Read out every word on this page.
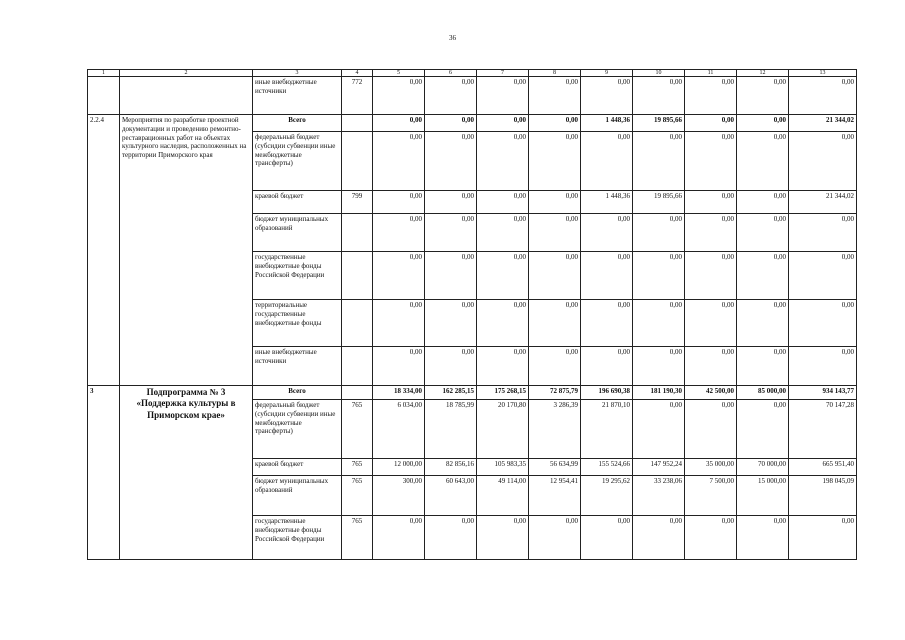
36
1	2	3	4	5	6	7	8	9	10	11	12	13
		иные внебюджетные источники	772	0,00	0,00	0,00	0,00	0,00	0,00	0,00	0,00	0,00
2.2.4	Мероприятия по разработке проектной документации и проведению ремонтно-реставрационных работ на объектах культурного наследия, расположенных на территории Приморского края	Всего		0,00	0,00	0,00	0,00	1 448,36	19 895,66	0,00	0,00	21 344,02
		федеральный бюджет (субсидии субвенции иные межбюджетные трансферты)		0,00	0,00	0,00	0,00	0,00	0,00	0,00	0,00	0,00
		краевой бюджет	799	0,00	0,00	0,00	0,00	1 448,36	19 895,66	0,00	0,00	21 344,02
		бюджет муниципальных образований		0,00	0,00	0,00	0,00	0,00	0,00	0,00	0,00	0,00
		государственные внебюджетные фонды Российской Федерации		0,00	0,00	0,00	0,00	0,00	0,00	0,00	0,00	0,00
		территориальные государственные внебюджетные фонды		0,00	0,00	0,00	0,00	0,00	0,00	0,00	0,00	0,00
		иные внебюджетные источники		0,00	0,00	0,00	0,00	0,00	0,00	0,00	0,00	0,00
3	Подпрограмма № 3 «Поддержка культуры в Приморском крае»	Всего		18 334,00	162 285,15	175 268,15	72 875,79	196 690,38	181 190,30	42 500,00	85 000,00	934 143,77
		федеральный бюджет (субсидии субвенции иные межбюджетные трансферты)	765	6 034,00	18 785,99	20 170,80	3 286,39	21 870,10	0,00	0,00	0,00	70 147,28
		краевой бюджет	765	12 000,00	82 856,16	105 983,35	56 634,99	155 524,66	147 952,24	35 000,00	70 000,00	665 951,40
		бюджет муниципальных образований	765	300,00	60 643,00	49 114,00	12 954,41	19 295,62	33 238,06	7 500,00	15 000,00	198 045,09
		государственные внебюджетные фонды Российской Федерации	765	0,00	0,00	0,00	0,00	0,00	0,00	0,00	0,00	0,00
